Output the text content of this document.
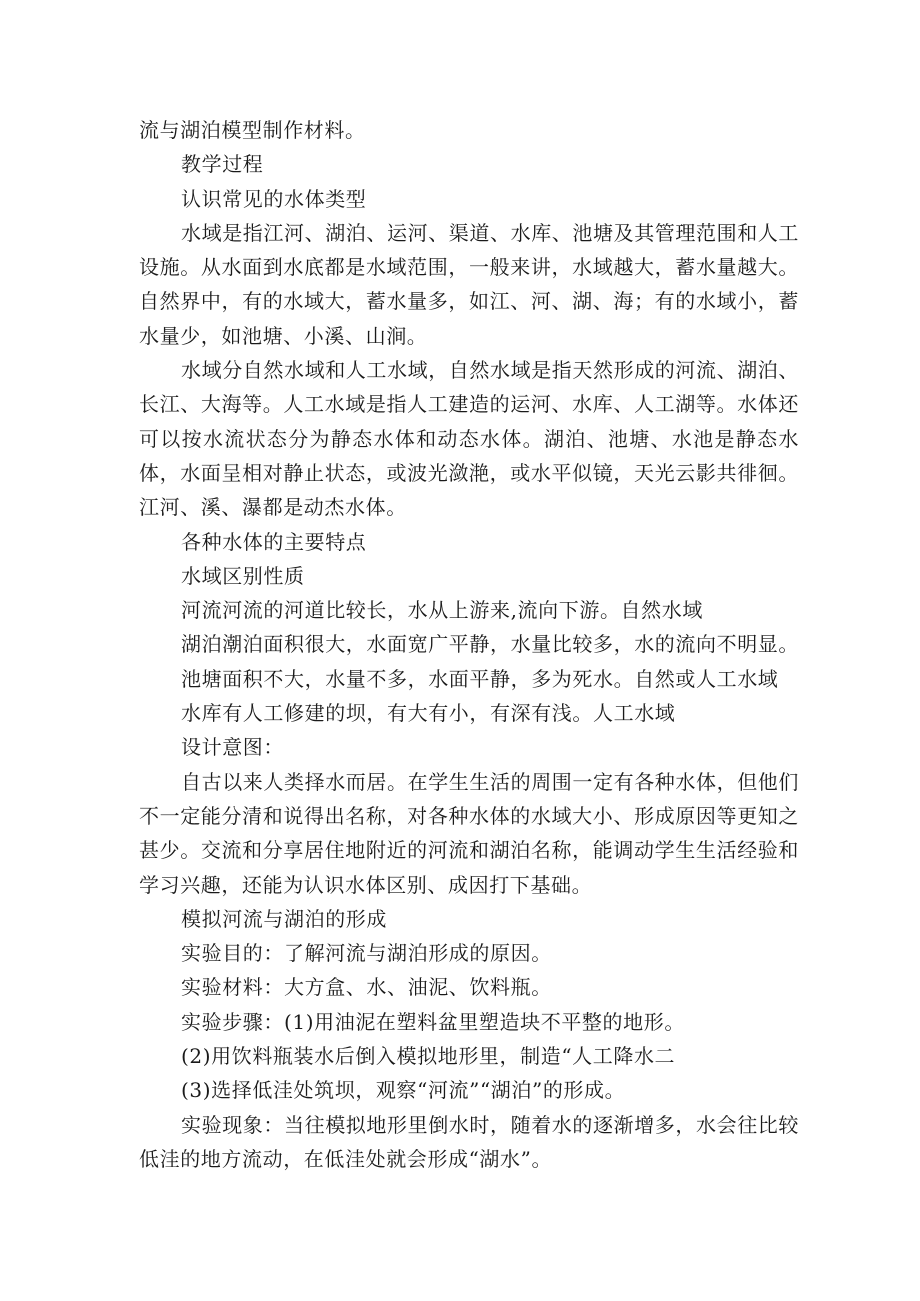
流与湖泊模型制作材料。

教学过程

认识常见的水体类型

水域是指江河、湖泊、运河、渠道、水库、池塘及其管理范围和人工设施。从水面到水底都是水域范围，一般来讲，水域越大，蓄水量越大。自然界中，有的水域大，蓄水量多，如江、河、湖、海；有的水域小，蓄水量少，如池塘、小溪、山涧。

水域分自然水域和人工水域，自然水域是指天然形成的河流、湖泊、长江、大海等。人工水域是指人工建造的运河、水库、人工湖等。水体还可以按水流状态分为静态水体和动态水体。湖泊、池塘、水池是静态水体，水面呈相对静止状态，或波光潋滟，或水平似镜，天光云影共徘徊。江河、溪、瀑都是动杰水体。

各种水体的主要特点

水域区别性质

河流河流的河道比较长，水从上游来,流向下游。自然水域

湖泊潮泊面积很大，水面宽广平静，水量比较多，水的流向不明显。

池塘面积不大，水量不多，水面平静，多为死水。自然或人工水域

水库有人工修建的坝，有大有小，有深有浅。人工水域

设计意图：

自古以来人类择水而居。在学生生活的周围一定有各种水体，但他们不一定能分清和说得出名称，对各种水体的水域大小、形成原因等更知之甚少。交流和分享居住地附近的河流和湖泊名称，能调动学生生活经验和学习兴趣，还能为认识水体区别、成因打下基础。

模拟河流与湖泊的形成

实验目的：了解河流与湖泊形成的原因。

实验材料：大方盒、水、油泥、饮料瓶。

实验步骤：(1)用油泥在塑料盆里塑造块不平整的地形。

(2)用饮料瓶装水后倒入模拟地形里，制造“人工降水二

(3)选择低洼处筑坝，观察“河流”“湖泊”的形成。

实验现象：当往模拟地形里倒水时，随着水的逐渐增多，水会往比较低洼的地方流动，在低洼处就会形成“湖水”。
